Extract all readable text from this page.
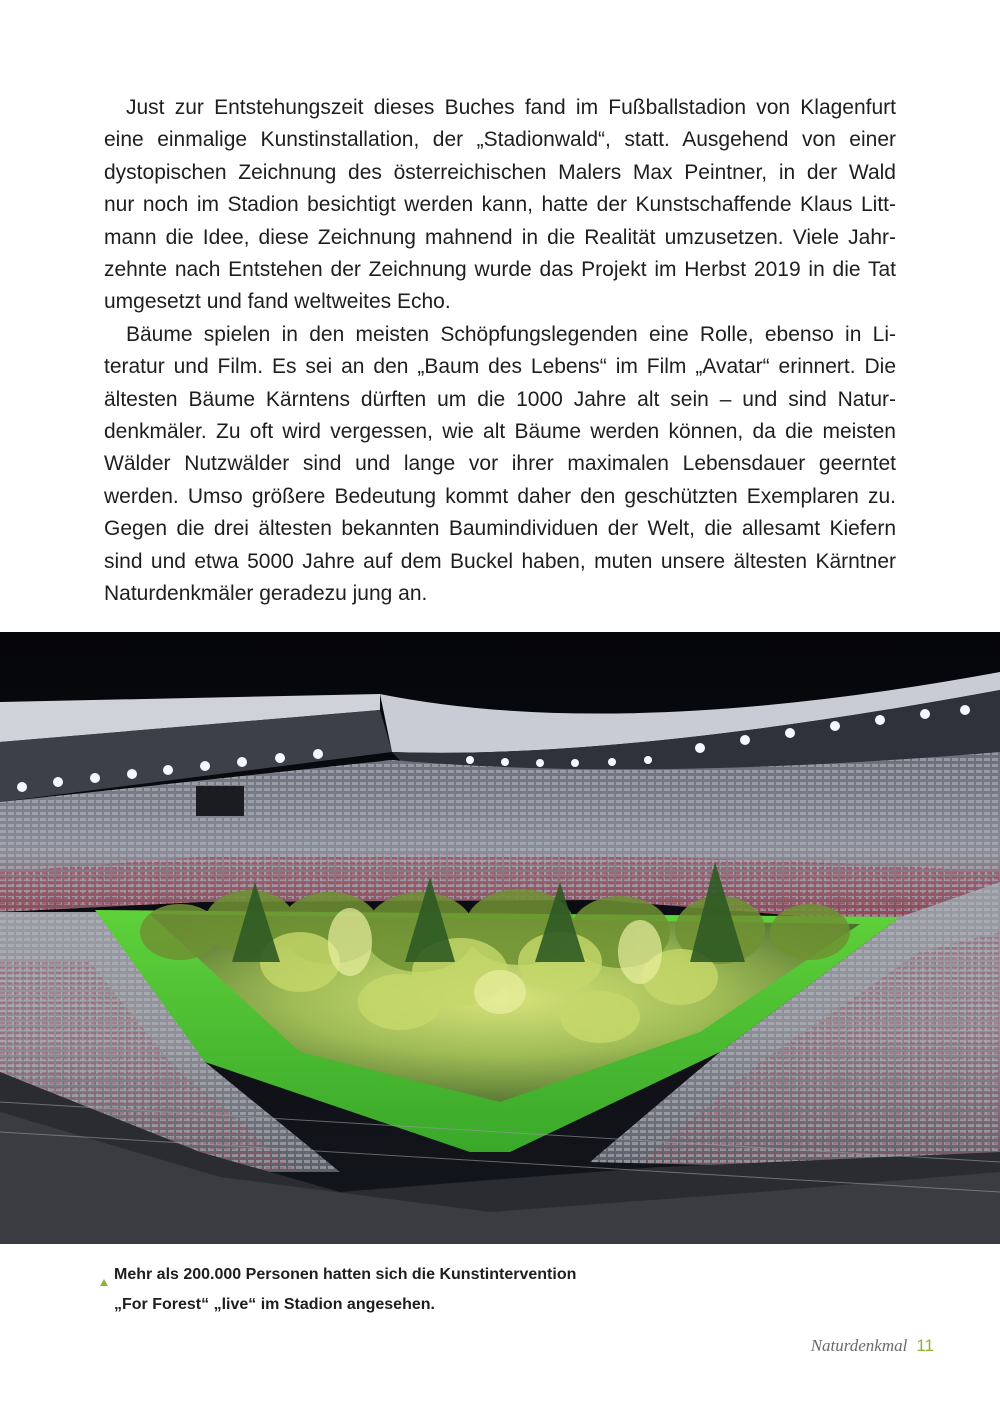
Just zur Entstehungszeit dieses Buches fand im Fußballstadion von Klagenfurt
eine einmalige Kunstinstallation, der „Stadionwald“, statt. Ausgehend von einer
dystopischen Zeichnung des österreichischen Malers Max Peintner, in der Wald
nur noch im Stadion besichtigt werden kann, hatte der Kunstschaffende Klaus Litt-
mann die Idee, diese Zeichnung mahnend in die Realität umzusetzen. Viele Jahr-
zehnte nach Entstehen der Zeichnung wurde das Projekt im Herbst 2019 in die Tat
umgesetzt und fand weltweites Echo.
Bäume spielen in den meisten Schöpfungslegenden eine Rolle, ebenso in Li-
teratur und Film. Es sei an den „Baum des Lebens“ im Film „Avatar“ erinnert. Die
ältesten Bäume Kärntens dürften um die 1000 Jahre alt sein – und sind Natur-
denkmäler. Zu oft wird vergessen, wie alt Bäume werden können, da die meisten
Wälder Nutzwälder sind und lange vor ihrer maximalen Lebensdauer geerntet
werden. Umso größere Bedeutung kommt daher den geschützten Exemplaren zu.
Gegen die drei ältesten bekannten Baumindividuen der Welt, die allesamt Kiefern
sind und etwa 5000 Jahre auf dem Buckel haben, muten unsere ältesten Kärntner
Naturdenkmäler geradezu jung an.
Mehr als 200.000 Personen hatten sich die Kunstintervention
„For Forest“ „live“ im Stadion angesehen.
Naturdenkmal 11
